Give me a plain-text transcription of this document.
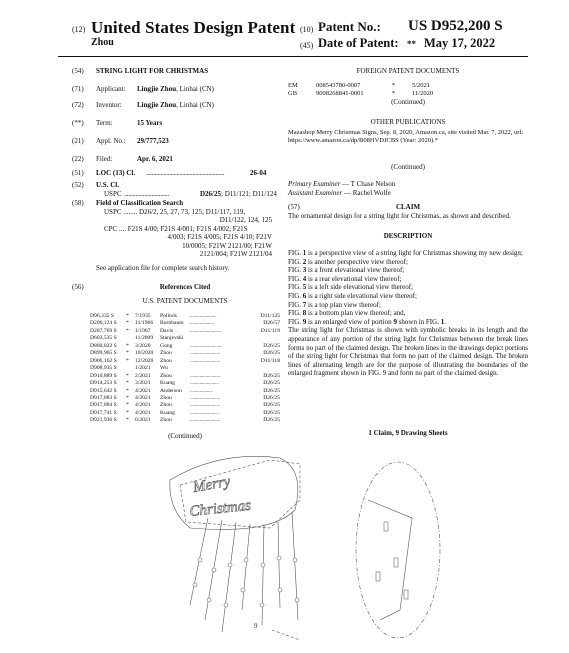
(12) United States Design Patent
Zhou
(10) Patent No.: US D952,200 S
(45) Date of Patent: ** May 17, 2022
(54) STRING LIGHT FOR CHRISTMAS
(71) Applicant: Lingjie Zhou, Linhai (CN)
(72) Inventor: Lingjie Zhou, Linhai (CN)
(**) Term:	15 Years
(21) Appl. No.: 29/777,523
(22) Filed:	Apr. 6, 2021
(51) LOC (13) Cl. ......................................................	26-04
(52) U.S. Cl.
USPC ...............................	D26/25; D11/121; D11/124
(58) Field of Classification Search
USPC ........ D26/2, 25, 27, 73, 125; D11/117, 119,
D11/122, 124, 125
CPC .... F21S 4/00; F21S 4/001; F21S 4/002; F21S
4/003; F21S 4/005; F21S 4/10; F21V
10/0005; F21W 2121/00; F21W
2121/004; F21W 2121/04
See application file for complete search history.
(56)	References Cited
U.S. PATENT DOCUMENTS
D96,335 S * 7/1935 Pollock	D11/125
......................
D206,124 S * 11/1966 Burnbaum	D26/57
....................
D287,769 S * 1/1987 Davis	D11/119
..........................
D603,535 S	11/2009 Stanjevski
D880,022 S * 3/2020 Gong	D26/25
..........................
D899,965 S * 10/2020 Zhou	D26/25
.........................
D906,162 S * 12/2020 Zhou	D11/118
.........................
D908,935 S	1/2021 Wu
D910,889 S * 2/2021 Zhou	D26/25
.........................
D914,253 S * 3/2021 Kuang	D26/25
........................
D915,642 S * 4/2021 Anderson	D26/25
...................
D917,083 S * 4/2021 Zhou	D26/25
.........................
D917,084 S * 4/2021 Zhou	D26/25
.........................
D917,741 S * 4/2021 Kuang	D26/25
........................
D921,936 S * 6/2021 Zhou	D26/25
.........................
(Continued)
FOREIGN PATENT DOCUMENTS
EM	008543780-0007	*	5/2021
GB	9008268841-0001	*	11/2020
(Continued)
OTHER PUBLICATIONS
Mazashop Merry Christmas Signs, Sep. 8, 2020, Amazon.ca, site visited Mar. 7, 2022, url: https://www.amazon.ca/dp/B08HVDJCBS (Year: 2020).*
(Continued)
Primary Examiner — T Chase Nelson
Assistant Examiner — Rachel Wolfe
(57)	CLAIM
The ornamental design for a string light for Christmas, as shown and described.
DESCRIPTION

FIG. 1 is a perspective view of a string light for Christmas showing my new design;

FIG. 2 is another perspective view thereof;

FIG. 3 is a front elevational view thereof;

FIG. 4 is a rear elevational view thereof;

FIG. 5 is a left side elevational view thereof;

FIG. 6 is a right side elevational view thereof;

FIG. 7 is a top plan view thereof;

FIG. 8 is a bottom plan view thereof; and,

FIG. 9 is an enlarged view of portion 9 shown in FIG. 1.

The string light for Christmas is shown with symbolic breaks in its length and the appearance of any portion of the string light for Christmas between the break lines forms no part of the claimed design. The broken lines in the drawings depict portions of the string light for Christmas that form no part of the claimed design. The broken lines of alternating length are for the purpose of illustrating the boundaries of the enlarged fragment shown in FIG. 9 and form no part of the claimed design.

1 Claim, 9 Drawing Sheets
Merry
Christmas
9
